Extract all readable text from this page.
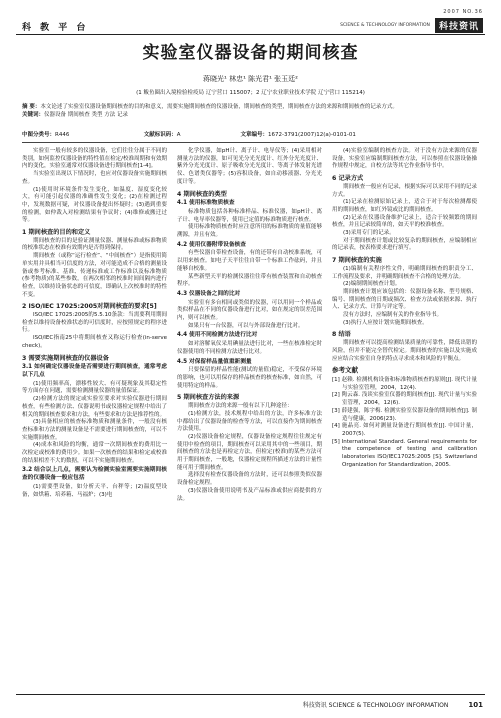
科 教 平 台
2007 NO.36
SCIENCE & TECHNOLOGY INFORMATION 科技资讯
实验室仪器设备的期间核查
蒋晓光¹ 林忠¹ 陈光君¹ 张玉廷²
(1 鲅鱼圈出入境检验检疫局 辽宁营口 115007；2 辽宁农业职业技术学院 辽宁营口 115214)
摘 要：本文论述了实验室仪器设备期间核查的目的和意义，需要实施期间核查的仪器设备，期间核查的类型，期间核查方法的来源和期间核查的记录方式。
关键词：仪器设备 期间核查 类型 方法 记录
中图分类号：R446	文献标识码：A	文章编号：1672-3791(2007)12(a)-0101-01

实验室一般有较多的仪器设备，它们往往分属于不同的类别，如何监控仪器设备的特性值在检定/校准周期和有效期内的变化，实验室通常对仪器设备进行期间核查[1-4]。

当实验室出现以下情况时，也应对仪器设备实施期间核查。

(1)使用时环境条件发生变化，如温度、湿度变化较大，有可能引起仪器的准确性发生变化；(2)在检测过程中，发现数据可疑，对仪器设备提出怀疑时；(3)遇到重要的检测，如仲裁入对检测结果有争议时；(4)维修或搬迁过等。

1 期间核查的目的和定义

期间核查的目的是验证测量仪器、测量标准或标准物质的校准状态在校准有效期内是否得到保持。

期间核查（或称“运行检查”、“中间核查”）是指使用简单实用并具相当可信度的方法，对可能造成不合格的测量设备或参考标准、基准、传递标准或工作标准以及标准物质(参考物质)的某些参数，在两次相邻的校准时间间隔内进行检查，以维持设备状态的可信度，即确认上次校准时的特性不变。

2 ISO/IEC 17025:2005对期间核查的要求[5]

ISO/IEC 17025:2005的5.5.10条款：当需要利用期间检查以维持设备校准状态的可信度时，应按照规定的程序进行。

ISO/IEC指南25中将期间核查又称运行检查(in-serve check)。

3 需要实施期间核查的仪器设备
3.1 如何确定仪器设备是否需要进行期间核查，通常考虑以下几点

(1)使用频率高，漂移性较大、有可疑现象及其稳定性等方面存在问题，需要检测测量仪器的量值保证。

(2)检测方法的规定或实验室要求对实验仪器进行期间核查，有些检测方法、仪器说明书或仪器检定规程中给出了相关的期间核查要求和方法，有些要求和方法是推荐性的。

(3)具备相应的核查标准物质和测量条件，一般没有核查标准和方法的测量设备是不需要进行期间核查的，可以不实施期间核查。

(4)成本和风险的均衡，通常一次期间核查的费用比一次检定或校准的费用少。如果一次核查的结果和检定或校准的结果相差不大的数据，可以不实施期间核查。

3.2 结合以上几点，需要认为检测实验室需要实施期间核查的仪器设备一般应包括

(1)需要型设备，如分析天平、台秤等；(2)温度型设备，如烘箱、培养箱、马福炉；(3)电

化学仪器，如pH计、离子计、电导仪等；(4)采用相对测量方法的仪器，如可见光分光光度计、红外分光光度计、紫外分光光度计、原子吸收分光光度计、等离子体发射光谱仪、色谱类仪器等；(5)容积设备，如自动移液器、分光光度计等。

4 期间核查的类型
4.1 使用标准物质核查

标准物质包括各种标准样品、标准仪器，如pH计、离子计、电导率仪器等，使用已定值的标准物质进行核查。

使用标准物质核查时应注意所用的标准物质的量值能够溯源，并且有效。

4.2 使用仪器附带设备核查

有些仪器自带检查设备，有的还带有自动校准系统，可以用来核查。如电子天平往往自带一个标准工作砝码，并且能够自校准。

某些新型天平的检测仪器往往带有核查装置和自动核查程序。

4.3 仪器设备之间的比对

实验室有多台相同或类似的仪器，可以用同一个样品或类似样品在不同的仪器设备进行比对，如在规定的误差范围内，则可以核查。

如果只有一台仪器，可以与外部设备进行比对。

4.4 使用不同检测方法进行比对

如对溶解氧仪采用碘量法进行比对，一些在核准检定时仪器使用的不同检测方法进行比对。

4.5 对保留样品量值重新测量

只要保留的样品性能(测试的量值)稳定，不受保存环境的影响，也可以用保存的样品核查的核查标准，如自然，可使用特定的样品。

5 期间核查方法的来源

期间核查方法的来源一般有以下几种途径：

(1)检测方法，技术规程中给出的方法，许多标准方法中都给出了仪器设备的检查等方法，可以直接作为期间核查方法使用。

(2)仪器设备检定规程，仪器设备检定规程往往规定有使用中检查的项目，期间核查可以采用其中的一些项目，期间核查的方法也是再检定方法，但检定(校准)的某些方法可用于期间核查，一般地，仪器检定规程所描述方法的计量性能可用于期间核查。

选择没有检查仪器设备的方法时，还可以参照类似仪器设备检定规程。

(3)仪器设备使用说明书及产品标准或供应商提供的方法。

(4)实验室编制的核查方法。对于没有方法来源的仪器设备，实验室应编制期间核查方法，可以参照在仪器设备操作规程中规定，自校方法等其它作业指导书中。

6 记录方式

期间核查一般应有记录，根据实际可以采用不同的记录方式。

(1)记录在检测原始记录上，适合于对于每次检测都使用的期间核查，如红外镜或比的期间核查。

(2)记录在仪器设备维护记录上，适合于较频繁的期间核查，并且记录较简单的，如天平的校准核查。

(3)采用专门的记录。

对于期间核查计划或比较复杂的期间核查，应编制相应的记录表，按表格要求进行填写。

7 期间核查的实施

(1)编制有关程序性文件，明确期间核查的职责分工、工作流程及要求，并明确期间核查不合格的处理方法。

(2)编制期间核查计划。

期间核查计划应该包括的：仪器设备名称、型号规格、编号、期间核查的日期或频次、检查方法或依据来源、执行人、记录方式、计算与评定等。

没有方法时，应编制有关的作业指导书。

(3)执行人应按计划实施期间核查。

8 结语

期间核查可以提高检测结果质量的可靠性，降低出错的风险，但并不能完全替代检定。期间核查的实施以及实施成应应结合实验室自身的特点寻求成本和风险的平衡点。

参考文献

[1] 赵赖. 检测机构设备和标准物质核查的原则[J]. 现代计量与实验室管理，2004，12(4).

[2] 陶云森. 浅谈实验室仪器的期间核查[J]. 现代计量与实验室管理，2004，12(6).

[3] 薛建强，陈宇梅. 检测实验室仪器设备的期间核查[J]. 制造与健康，2006(23).

[4] 施晶亮. 如何对测量设备进行期间核查[J]. 中国计量，2007(5).

[5] International Standard. General requirements for the competence of testing and calibration laboratories ISO/IEC17025:2005 [S]. Switzerland Organization for Standardization, 2005.

科技资讯 SCIENCE & TECHNOLOGY INFORMATION	101
